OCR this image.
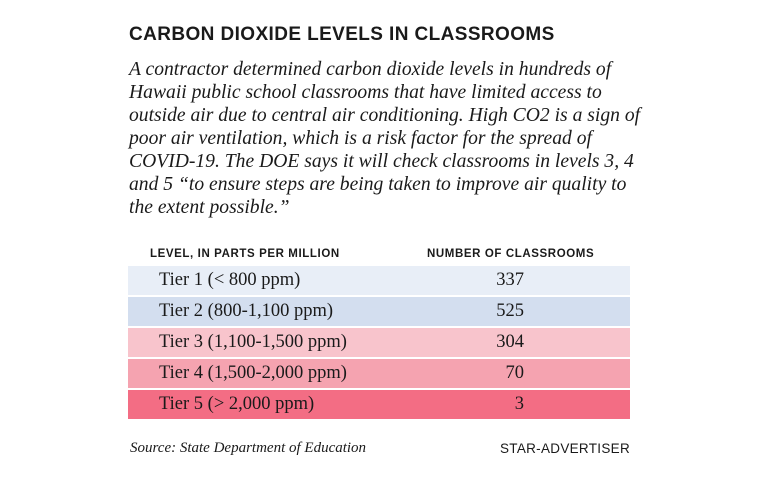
CARBON DIOXIDE LEVELS IN CLASSROOMS
A contractor determined carbon dioxide levels in hundreds of Hawaii public school classrooms that have limited access to outside air due to central air conditioning. High CO2 is a sign of poor air ventilation, which is a risk factor for the spread of COVID-19. The DOE says it will check classrooms in levels 3, 4 and 5 “to ensure steps are being taken to improve air quality to the extent possible.”
LEVEL, IN PARTS PER MILLION	NUMBER OF CLASSROOMS
Tier 1 (< 800 ppm)	337
Tier 2 (800-1,100 ppm)	525
Tier 3 (1,100-1,500 ppm)	304
Tier 4 (1,500-2,000 ppm)	70
Tier 5 (> 2,000 ppm)	3
Source: State Department of Education	STAR-ADVERTISER
